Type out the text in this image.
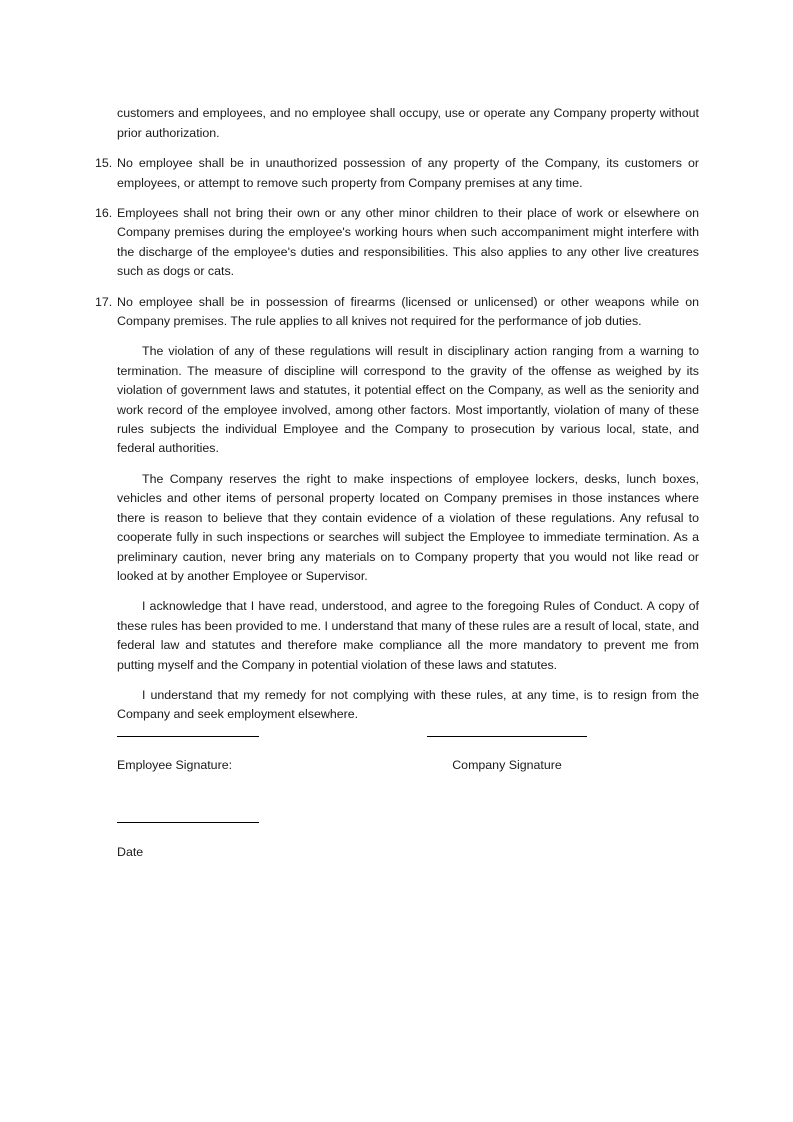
customers and employees, and no employee shall occupy, use or operate any Company property without prior authorization.

15. No employee shall be in unauthorized possession of any property of the Company, its customers or employees, or attempt to remove such property from Company premises at any time.
16. Employees shall not bring their own or any other minor children to their place of work or elsewhere on Company premises during the employee's working hours when such accompaniment might interfere with the discharge of the employee's duties and responsibilities. This also applies to any other live creatures such as dogs or cats.
17. No employee shall be in possession of firearms (licensed or unlicensed) or other weapons while on Company premises. The rule applies to all knives not required for the performance of job duties.

The violation of any of these regulations will result in disciplinary action ranging from a warning to termination. The measure of discipline will correspond to the gravity of the offense as weighed by its violation of government laws and statutes, it potential effect on the Company, as well as the seniority and work record of the employee involved, among other factors. Most importantly, violation of many of these rules subjects the individual Employee and the Company to prosecution by various local, state, and federal authorities.

The Company reserves the right to make inspections of employee lockers, desks, lunch boxes, vehicles and other items of personal property located on Company premises in those instances where there is reason to believe that they contain evidence of a violation of these regulations. Any refusal to cooperate fully in such inspections or searches will subject the Employee to immediate termination. As a preliminary caution, never bring any materials on to Company property that you would not like read or looked at by another Employee or Supervisor.

I acknowledge that I have read, understood, and agree to the foregoing Rules of Conduct. A copy of these rules has been provided to me. I understand that many of these rules are a result of local, state, and federal law and statutes and therefore make compliance all the more mandatory to prevent me from putting myself and the Company in potential violation of these laws and statutes.

I understand that my remedy for not complying with these rules, at any time, is to resign from the Company and seek employment elsewhere.

Employee Signature:	Company Signature
Date
